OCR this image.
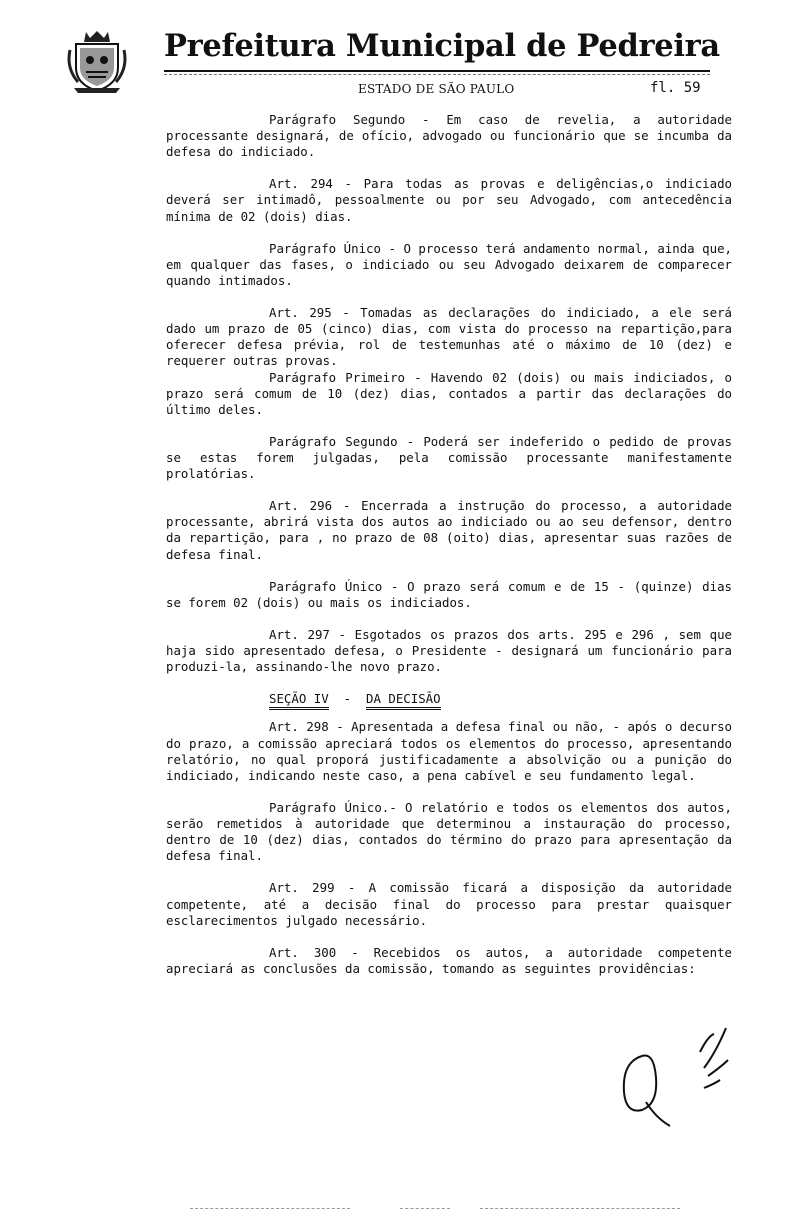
Prefeitura Municipal de Pedreira
ESTADO DE SÃO PAULO	fl. 59

Parágrafo Segundo - Em caso de revelia, a autoridade processante designará, de ofício, advogado ou funcionário que se incumba da defesa do indiciado.

Art. 294 - Para todas as provas e deligências,o indiciado deverá ser intimadô, pessoalmente ou por seu Advogado, com antecedência mínima de 02 (dois) dias.

Parágrafo Único - O processo terá andamento normal, ainda que, em qualquer das fases, o indiciado ou seu Advogado deixarem de comparecer quando intimados.

Art. 295 - Tomadas as declarações do indiciado, a ele será dado um prazo de 05 (cinco) dias, com vista do processo na repartição,para oferecer defesa prévia, rol de testemunhas até o máximo de 10 (dez) e requerer outras provas.

Parágrafo Primeiro - Havendo 02 (dois) ou mais indiciados, o prazo será comum de 10 (dez) dias, contados a partir das declarações do último deles.

Parágrafo Segundo - Poderá ser indeferido o pedido de provas se estas forem julgadas, pela comissão processante manifestamente prolatórias.

Art. 296 - Encerrada a instrução do processo, a autoridade processante, abrirá vista dos autos ao indiciado ou ao seu defensor, dentro da repartição, para , no prazo de 08 (oito) dias, apresentar suas razões de defesa final.

Parágrafo Único - O prazo será comum e de 15 - (quinze) dias se forem 02 (dois) ou mais os indiciados.

Art. 297 - Esgotados os prazos dos arts. 295 e 296 , sem que haja sido apresentado defesa, o Presidente - designará um funcionário para produzi-la, assinando-lhe novo prazo.

SEÇÃO IV - DA DECISÃO

Art. 298 - Apresentada a defesa final ou não, - após o decurso do prazo, a comissão apreciará todos os elementos do processo, apresentando relatório, no qual proporá justificadamente a absolvição ou a punição do indiciado, indicando neste caso, a pena cabível e seu fundamento legal.

Parágrafo Único.- O relatório e todos os elementos dos autos, serão remetidos à autoridade que determinou a instauração do processo, dentro de 10 (dez) dias, contados do término do prazo para apresentação da defesa final.

Art. 299 - A comissão ficará a disposição da autoridade competente, até a decisão final do processo para prestar quaisquer esclarecimentos julgado necessário.

Art. 300 - Recebidos os autos, a autoridade competente apreciará as conclusões da comissão, tomando as seguintes providências:
